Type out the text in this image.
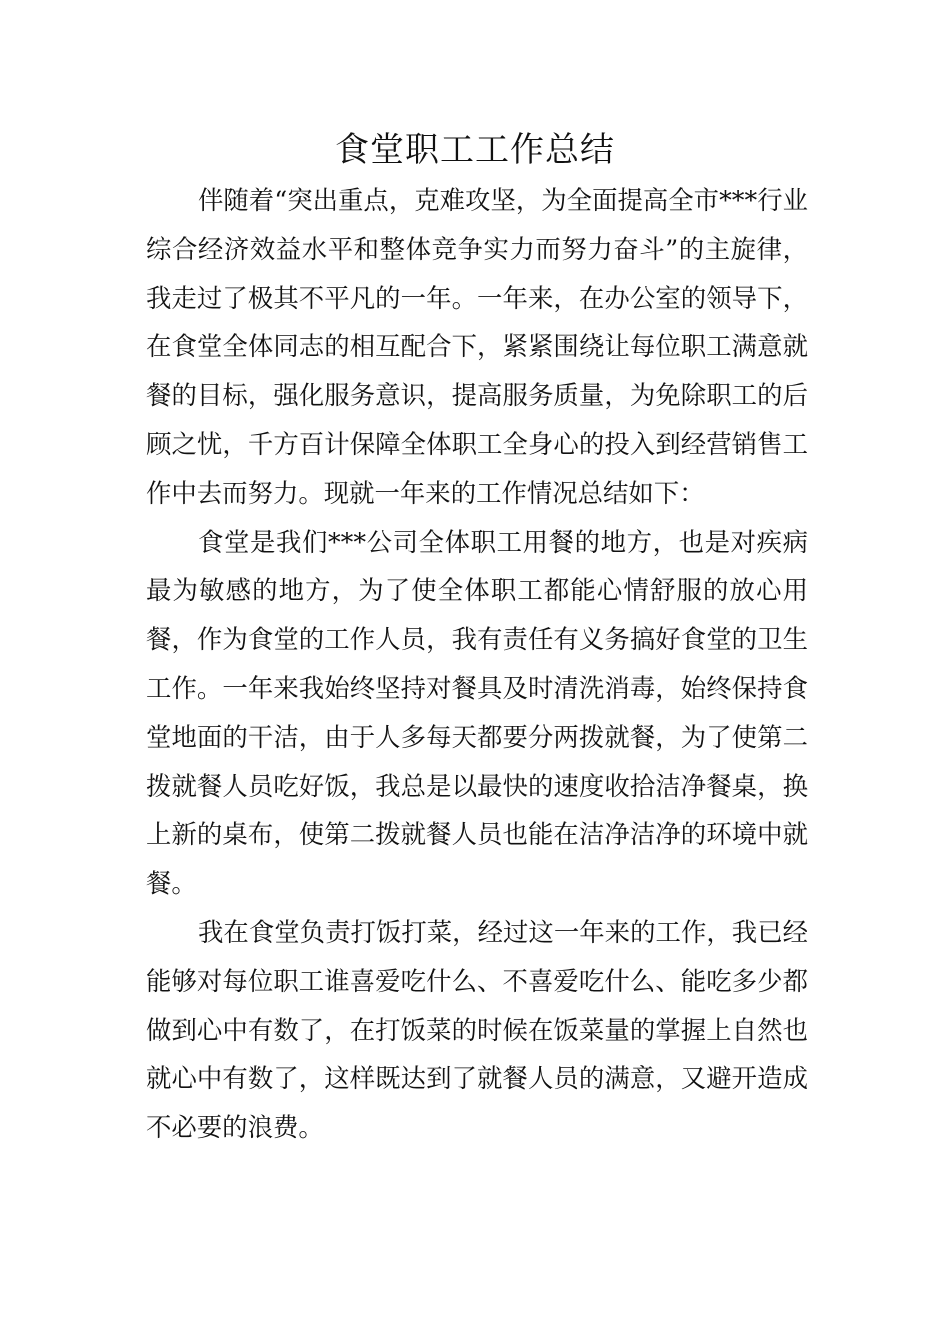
食堂职工工作总结

伴随着“突出重点，克难攻坚，为全面提高全市***行业综合经济效益水平和整体竞争实力而努力奋斗”的主旋律，我走过了极其不平凡的一年。一年来，在办公室的领导下，在食堂全体同志的相互配合下，紧紧围绕让每位职工满意就餐的目标，强化服务意识，提高服务质量，为免除职工的后顾之忧，千方百计保障全体职工全身心的投入到经营销售工作中去而努力。现就一年来的工作情况总结如下：

食堂是我们***公司全体职工用餐的地方，也是对疾病最为敏感的地方，为了使全体职工都能心情舒服的放心用餐，作为食堂的工作人员，我有责任有义务搞好食堂的卫生工作。一年来我始终坚持对餐具及时清洗消毒，始终保持食堂地面的干洁，由于人多每天都要分两拨就餐，为了使第二拨就餐人员吃好饭，我总是以最快的速度收拾洁净餐桌，换上新的桌布，使第二拨就餐人员也能在洁净洁净的环境中就餐。

我在食堂负责打饭打菜，经过这一年来的工作，我已经能够对每位职工谁喜爱吃什么、不喜爱吃什么、能吃多少都做到心中有数了，在打饭菜的时候在饭菜量的掌握上自然也就心中有数了，这样既达到了就餐人员的满意，又避开造成不必要的浪费。
